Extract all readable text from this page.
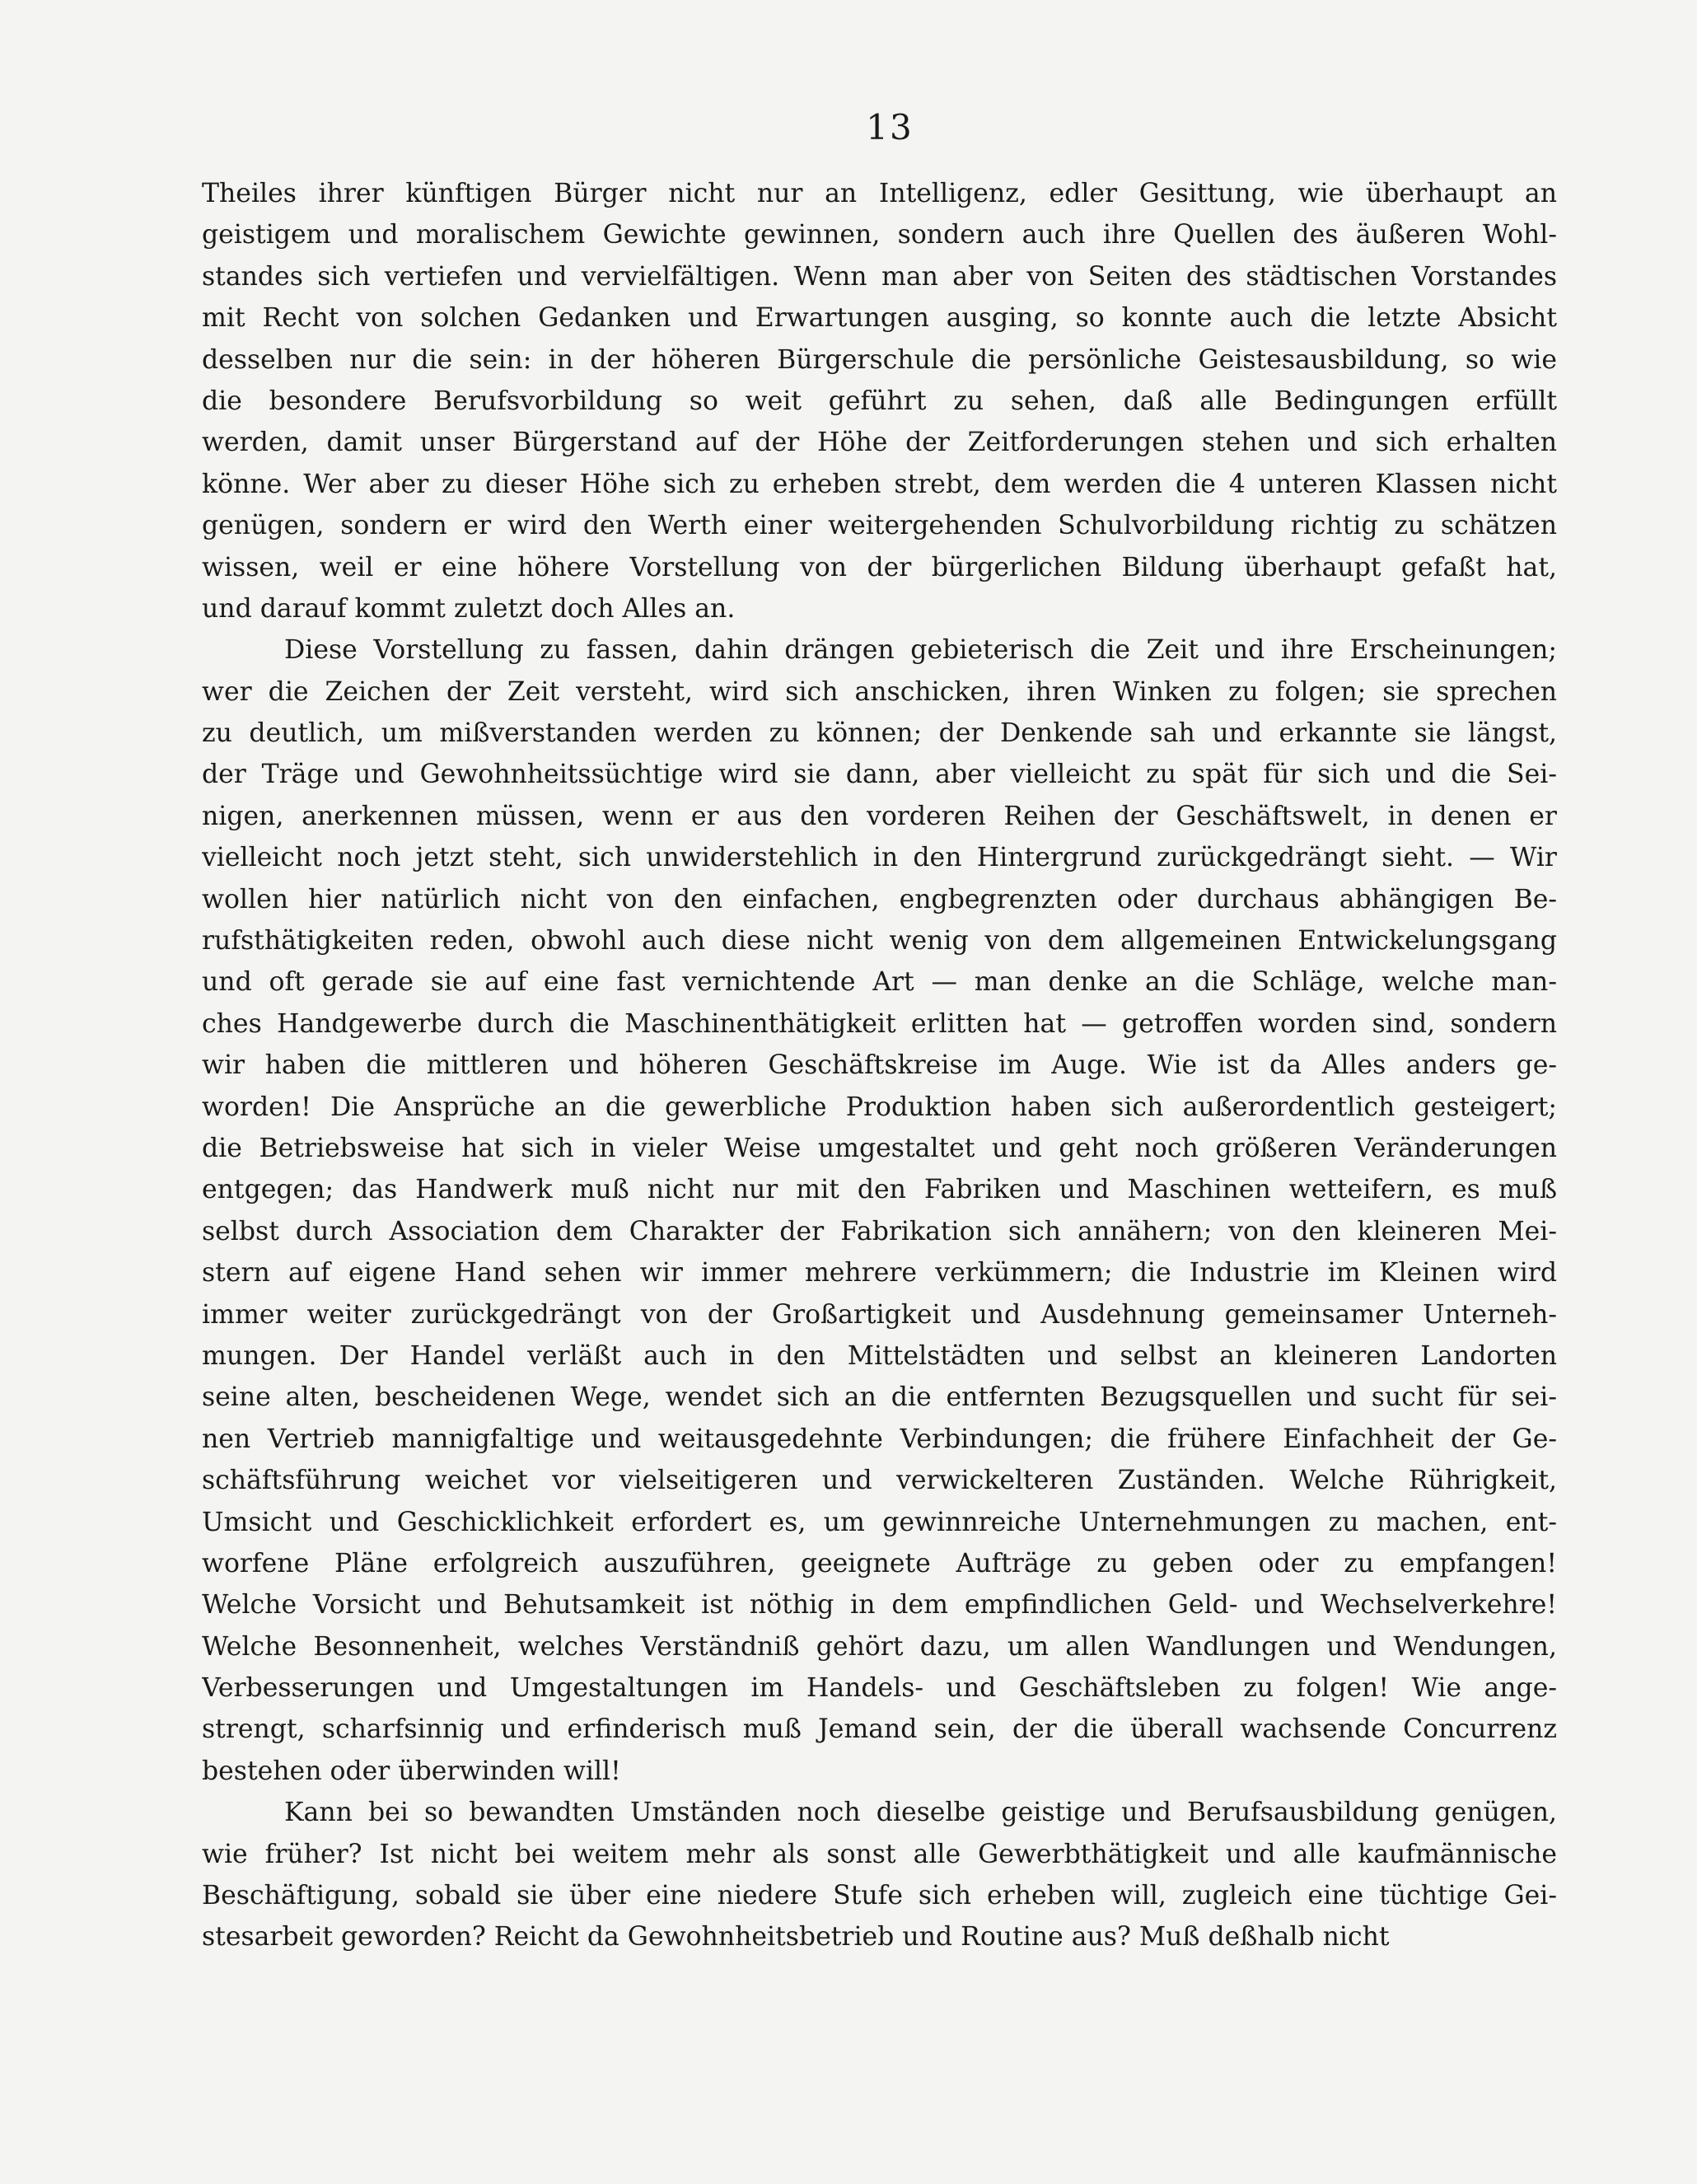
13
Theiles ihrer künftigen Bürger nicht nur an Intelligenz, edler Gesittung, wie überhaupt an
geistigem und moralischem Gewichte gewinnen, sondern auch ihre Quellen des äußeren Wohl-
standes sich vertiefen und vervielfältigen. Wenn man aber von Seiten des städtischen Vorstandes
mit Recht von solchen Gedanken und Erwartungen ausging, so konnte auch die letzte Absicht
desselben nur die sein: in der höheren Bürgerschule die persönliche Geistesausbildung, so wie
die besondere Berufsvorbildung so weit geführt zu sehen, daß alle Bedingungen erfüllt
werden, damit unser Bürgerstand auf der Höhe der Zeitforderungen stehen und sich erhalten
könne. Wer aber zu dieser Höhe sich zu erheben strebt, dem werden die 4 unteren Klassen nicht
genügen, sondern er wird den Werth einer weitergehenden Schulvorbildung richtig zu schätzen
wissen, weil er eine höhere Vorstellung von der bürgerlichen Bildung überhaupt gefaßt hat,
und darauf kommt zuletzt doch Alles an.
Diese Vorstellung zu fassen, dahin drängen gebieterisch die Zeit und ihre Erscheinungen;
wer die Zeichen der Zeit versteht, wird sich anschicken, ihren Winken zu folgen; sie sprechen
zu deutlich, um mißverstanden werden zu können; der Denkende sah und erkannte sie längst,
der Träge und Gewohnheitssüchtige wird sie dann, aber vielleicht zu spät für sich und die Sei-
nigen, anerkennen müssen, wenn er aus den vorderen Reihen der Geschäftswelt, in denen er
vielleicht noch jetzt steht, sich unwiderstehlich in den Hintergrund zurückgedrängt sieht. — Wir
wollen hier natürlich nicht von den einfachen, engbegrenzten oder durchaus abhängigen Be-
rufsthätigkeiten reden, obwohl auch diese nicht wenig von dem allgemeinen Entwickelungsgang
und oft gerade sie auf eine fast vernichtende Art — man denke an die Schläge, welche man-
ches Handgewerbe durch die Maschinenthätigkeit erlitten hat — getroffen worden sind, sondern
wir haben die mittleren und höheren Geschäftskreise im Auge. Wie ist da Alles anders ge-
worden! Die Ansprüche an die gewerbliche Produktion haben sich außerordentlich gesteigert;
die Betriebsweise hat sich in vieler Weise umgestaltet und geht noch größeren Veränderungen
entgegen; das Handwerk muß nicht nur mit den Fabriken und Maschinen wetteifern, es muß
selbst durch Association dem Charakter der Fabrikation sich annähern; von den kleineren Mei-
stern auf eigene Hand sehen wir immer mehrere verkümmern; die Industrie im Kleinen wird
immer weiter zurückgedrängt von der Großartigkeit und Ausdehnung gemeinsamer Unterneh-
mungen. Der Handel verläßt auch in den Mittelstädten und selbst an kleineren Landorten
seine alten, bescheidenen Wege, wendet sich an die entfernten Bezugsquellen und sucht für sei-
nen Vertrieb mannigfaltige und weitausgedehnte Verbindungen; die frühere Einfachheit der Ge-
schäftsführung weichet vor vielseitigeren und verwickelteren Zuständen. Welche Rührigkeit,
Umsicht und Geschicklichkeit erfordert es, um gewinnreiche Unternehmungen zu machen, ent-
worfene Pläne erfolgreich auszuführen, geeignete Aufträge zu geben oder zu empfangen!
Welche Vorsicht und Behutsamkeit ist nöthig in dem empfindlichen Geld- und Wechselverkehre!
Welche Besonnenheit, welches Verständniß gehört dazu, um allen Wandlungen und Wendungen,
Verbesserungen und Umgestaltungen im Handels- und Geschäftsleben zu folgen! Wie ange-
strengt, scharfsinnig und erfinderisch muß Jemand sein, der die überall wachsende Concurrenz
bestehen oder überwinden will!
Kann bei so bewandten Umständen noch dieselbe geistige und Berufsausbildung genügen,
wie früher? Ist nicht bei weitem mehr als sonst alle Gewerbthätigkeit und alle kaufmännische
Beschäftigung, sobald sie über eine niedere Stufe sich erheben will, zugleich eine tüchtige Gei-
stesarbeit geworden? Reicht da Gewohnheitsbetrieb und Routine aus? Muß deßhalb nicht
